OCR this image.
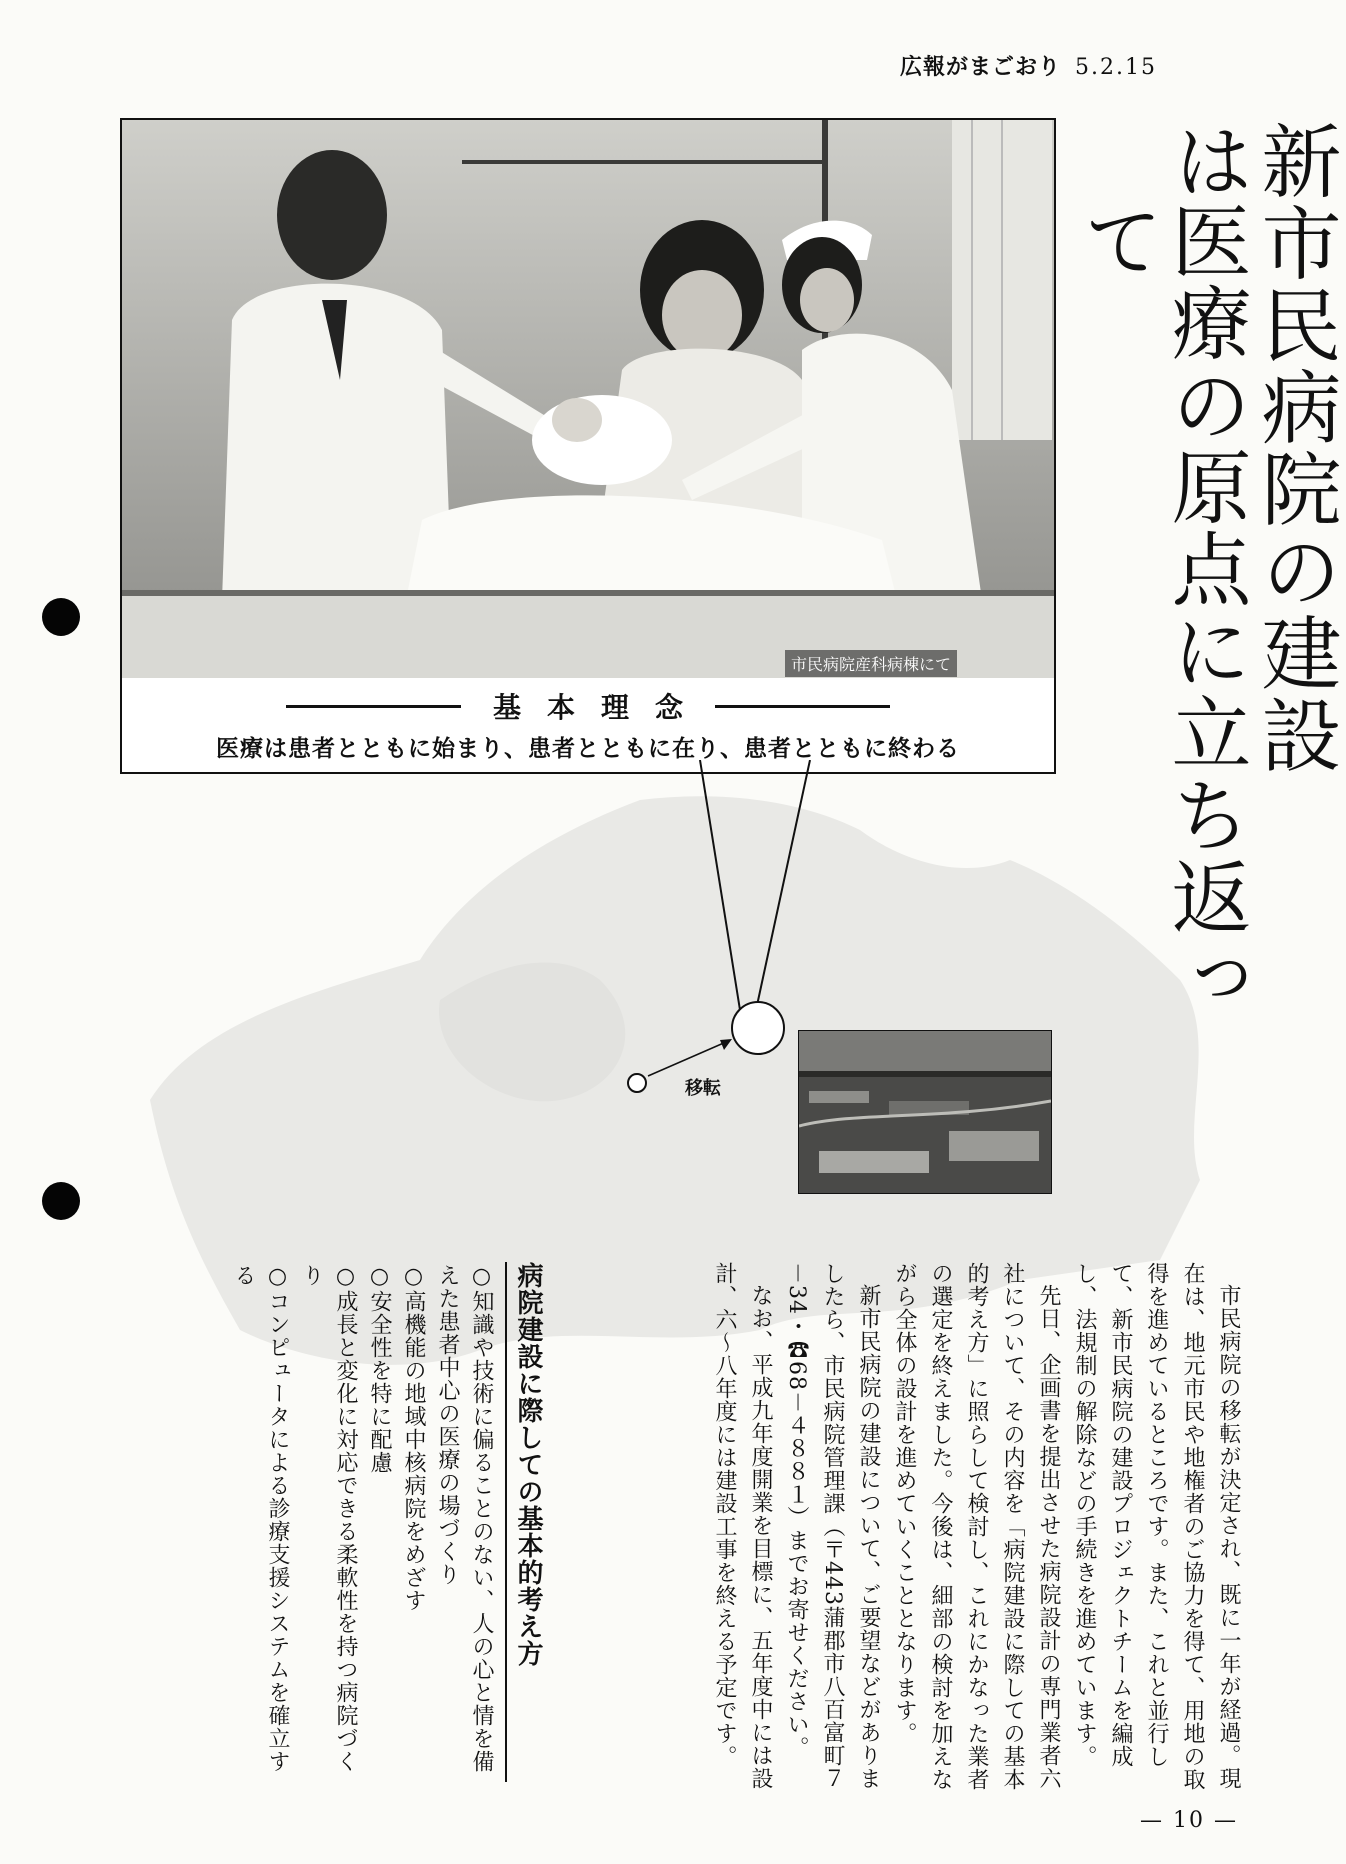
広報がまごおり 5.2.15
市民病院産科病棟にて
基本理念
医療は患者とともに始まり、患者とともに在り、患者とともに終わる
移転
新市民病院の建設は
医療の原点に立ち返って

市民病院の移転が決定され、既に一年が経過。現在は、地元市民や地権者のご協力を得て、用地の取得を進めているところです。また、これと並行して、新市民病院の建設プロジェクトチームを編成し、法規制の解除などの手続きを進めています。

先日、企画書を提出させた病院設計の専門業者六社について、その内容を「病院建設に際しての基本的考え方」に照らして検討し、これにかなった業者の選定を終えました。今後は、細部の検討を加えながら全体の設計を進めていくこととなります。

新市民病院の建設について、ご要望などがありましたら、市民病院管理課（〒443蒲郡市八百富町７－34・☎68－４８８１）までお寄せください。

なお、平成九年度開業を目標に、五年度中には設計、六～八年度には建設工事を終える予定です。

病院建設に際しての基本的考え方
○知識や技術に偏ることのない、人の心と情を備えた患者中心の医療の場づくり
○高機能の地域中核病院をめざす
○安全性を特に配慮
○成長と変化に対応できる柔軟性を持つ病院づくり
○コンピュータによる診療支援システムを確立する
— 10 —
